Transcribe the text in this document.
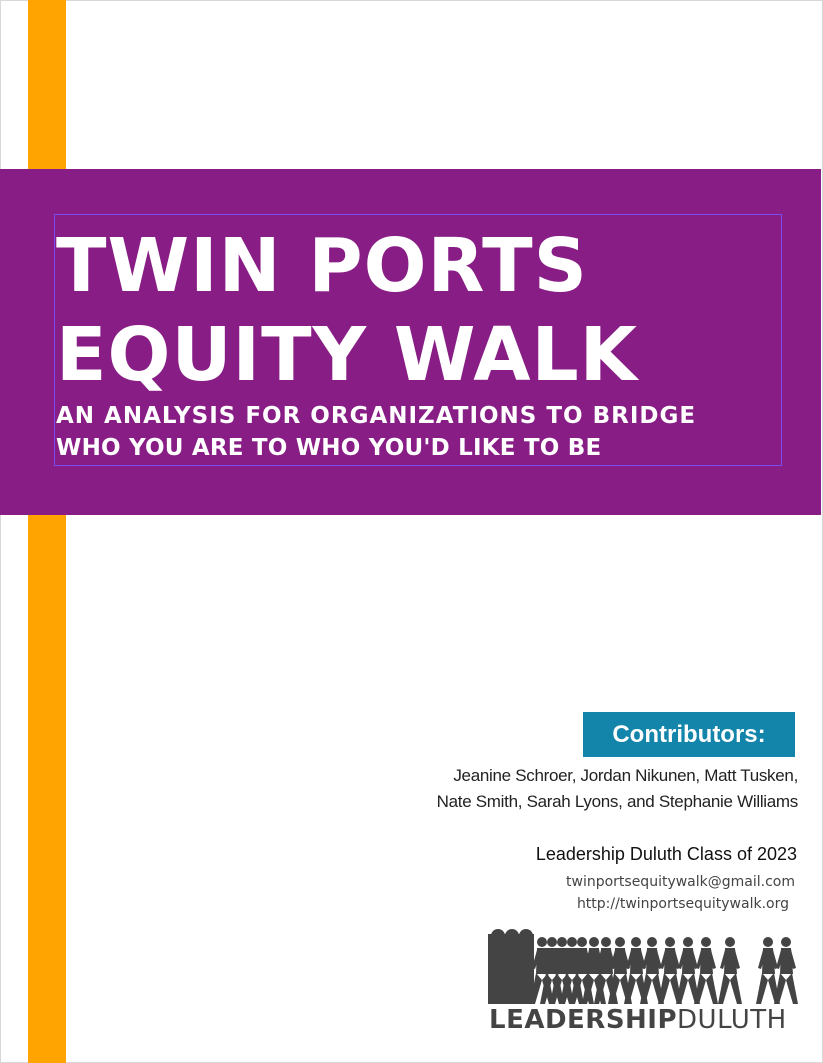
TWIN PORTS
EQUITY WALK
AN ANALYSIS FOR ORGANIZATIONS TO BRIDGE
WHO YOU ARE TO WHO YOU'D LIKE TO BE
Contributors:
Jeanine Schroer, Jordan Nikunen, Matt Tusken,
Nate Smith, Sarah Lyons, and Stephanie Williams
Leadership Duluth Class of 2023
twinportsequitywalk@gmail.com
http://twinportsequitywalk.org
LEADERSHIPDULUTH
